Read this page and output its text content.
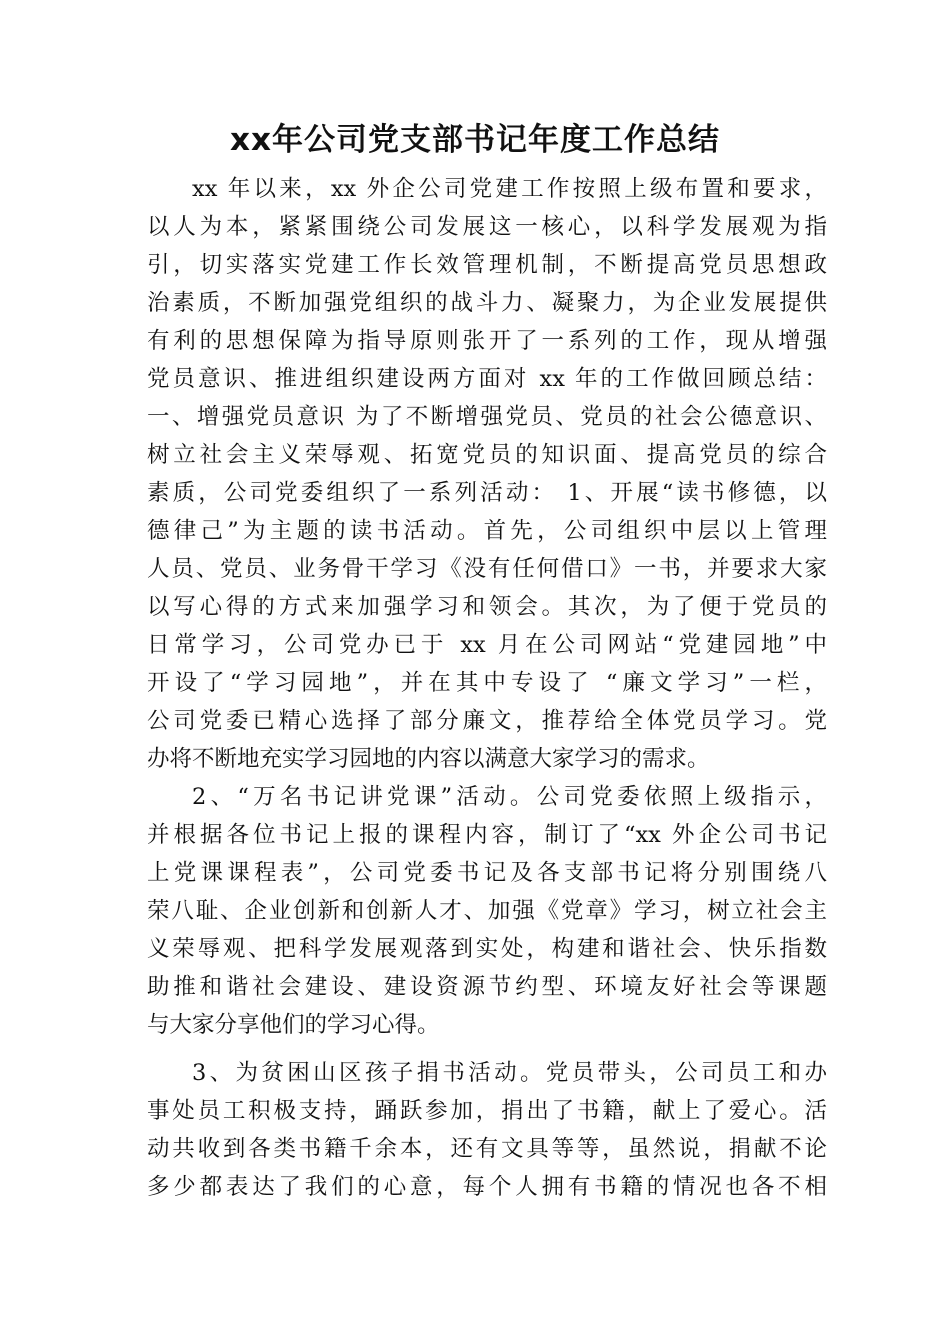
xx年公司党支部书记年度工作总结
xx 年以来，xx 外企公司党建工作按照上级布置和要求，
以人为本，紧紧围绕公司发展这一核心，以科学发展观为指
引，切实落实党建工作长效管理机制，不断提高党员思想政
治素质，不断加强党组织的战斗力、凝聚力，为企业发展提供
有利的思想保障为指导原则张开了一系列的工作，现从增强
党员意识、推进组织建设两方面对 xx 年的工作做回顾总结：
一、增强党员意识 为了不断增强党员、党员的社会公德意识、
树立社会主义荣辱观、拓宽党员的知识面、提高党员的综合
素质，公司党委组织了一系列活动： 1、开展“读书修德，以
德律己”为主题的读书活动。首先，公司组织中层以上管理
人员、党员、业务骨干学习《没有任何借口》一书，并要求大家
以写心得的方式来加强学习和领会。其次，为了便于党员的
日常学习，公司党办已于 xx 月在公司网站“党建园地”中
开设了“学习园地”，并在其中专设了 “廉文学习”一栏，
公司党委已精心选择了部分廉文，推荐给全体党员学习。党
办将不断地充实学习园地的内容以满意大家学习的需求。
2、“万名书记讲党课”活动。公司党委依照上级指示，
并根据各位书记上报的课程内容，制订了“xx 外企公司书记
上党课课程表”，公司党委书记及各支部书记将分别围绕八
荣八耻、企业创新和创新人才、加强《党章》学习，树立社会主
义荣辱观、把科学发展观落到实处，构建和谐社会、快乐指数
助推和谐社会建设、建设资源节约型、环境友好社会等课题
与大家分享他们的学习心得。
3、为贫困山区孩子捐书活动。党员带头，公司员工和办
事处员工积极支持，踊跃参加，捐出了书籍，献上了爱心。活
动共收到各类书籍千余本，还有文具等等，虽然说，捐献不论
多少都表达了我们的心意，每个人拥有书籍的情况也各不相
